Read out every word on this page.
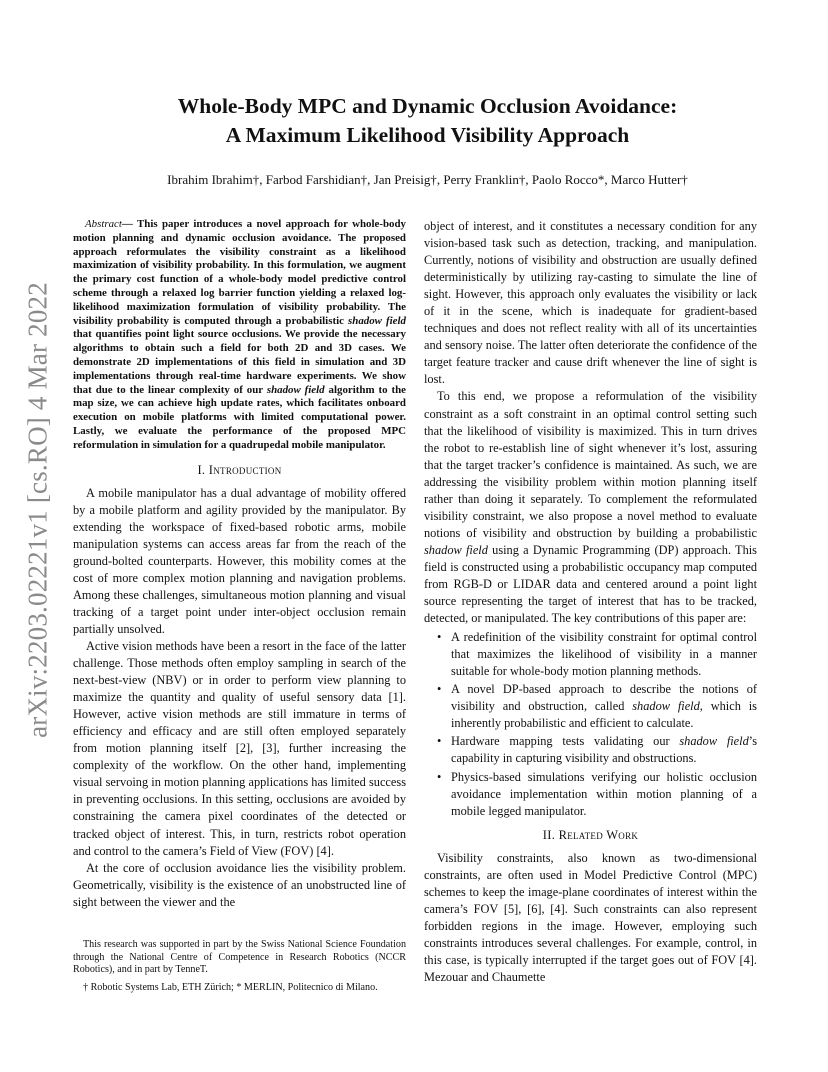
arXiv:2203.02221v1 [cs.RO] 4 Mar 2022
Whole-Body MPC and Dynamic Occlusion Avoidance:
A Maximum Likelihood Visibility Approach
Ibrahim Ibrahim†, Farbod Farshidian†, Jan Preisig†, Perry Franklin†, Paolo Rocco*, Marco Hutter†

Abstract— This paper introduces a novel approach for whole-body motion planning and dynamic occlusion avoidance. The proposed approach reformulates the visibility constraint as a likelihood maximization of visibility probability. In this formulation, we augment the primary cost function of a whole-body model predictive control scheme through a relaxed log barrier function yielding a relaxed log-likelihood maximization formulation of visibility probability. The visibility probability is computed through a probabilistic shadow field that quantifies point light source occlusions. We provide the necessary algorithms to obtain such a field for both 2D and 3D cases. We demonstrate 2D implementations of this field in simulation and 3D implementations through real-time hardware experiments. We show that due to the linear complexity of our shadow field algorithm to the map size, we can achieve high update rates, which facilitates onboard execution on mobile platforms with limited computational power. Lastly, we evaluate the performance of the proposed MPC reformulation in simulation for a quadrupedal mobile manipulator.

I. Introduction

A mobile manipulator has a dual advantage of mobility offered by a mobile platform and agility provided by the manipulator. By extending the workspace of fixed-based robotic arms, mobile manipulation systems can access areas far from the reach of the ground-bolted counterparts. However, this mobility comes at the cost of more complex motion planning and navigation problems. Among these challenges, simultaneous motion planning and visual tracking of a target point under inter-object occlusion remain partially unsolved.

Active vision methods have been a resort in the face of the latter challenge. Those methods often employ sampling in search of the next-best-view (NBV) or in order to perform view planning to maximize the quantity and quality of useful sensory data [1]. However, active vision methods are still immature in terms of efficiency and efficacy and are still often employed separately from motion planning itself [2], [3], further increasing the complexity of the workflow. On the other hand, implementing visual servoing in motion planning applications has limited success in preventing occlusions. In this setting, occlusions are avoided by constraining the camera pixel coordinates of the detected or tracked object of interest. This, in turn, restricts robot operation and control to the camera’s Field of View (FOV) [4].

At the core of occlusion avoidance lies the visibility problem. Geometrically, visibility is the existence of an unobstructed line of sight between the viewer and the

This research was supported in part by the Swiss National Science Foundation through the National Centre of Competence in Research Robotics (NCCR Robotics), and in part by TenneT.

† Robotic Systems Lab, ETH Zürich; * MERLIN, Politecnico di Milano.

object of interest, and it constitutes a necessary condition for any vision-based task such as detection, tracking, and manipulation. Currently, notions of visibility and obstruction are usually defined deterministically by utilizing ray-casting to simulate the line of sight. However, this approach only evaluates the visibility or lack of it in the scene, which is inadequate for gradient-based techniques and does not reflect reality with all of its uncertainties and sensory noise. The latter often deteriorate the confidence of the target feature tracker and cause drift whenever the line of sight is lost.

To this end, we propose a reformulation of the visibility constraint as a soft constraint in an optimal control setting such that the likelihood of visibility is maximized. This in turn drives the robot to re-establish line of sight whenever it’s lost, assuring that the target tracker’s confidence is maintained. As such, we are addressing the visibility problem within motion planning itself rather than doing it separately. To complement the reformulated visibility constraint, we also propose a novel method to evaluate notions of visibility and obstruction by building a probabilistic shadow field using a Dynamic Programming (DP) approach. This field is constructed using a probabilistic occupancy map computed from RGB-D or LIDAR data and centered around a point light source representing the target of interest that has to be tracked, detected, or manipulated. The key contributions of this paper are:

• A redefinition of the visibility constraint for optimal control that maximizes the likelihood of visibility in a manner suitable for whole-body motion planning methods.
• A novel DP-based approach to describe the notions of visibility and obstruction, called shadow field, which is inherently probabilistic and efficient to calculate.
• Hardware mapping tests validating our shadow field’s capability in capturing visibility and obstructions.
• Physics-based simulations verifying our holistic occlusion avoidance implementation within motion planning of a mobile legged manipulator.
II. Related Work

Visibility constraints, also known as two-dimensional constraints, are often used in Model Predictive Control (MPC) schemes to keep the image-plane coordinates of interest within the camera’s FOV [5], [6], [4]. Such constraints can also represent forbidden regions in the image. However, employing such constraints introduces several challenges. For example, control, in this case, is typically interrupted if the target goes out of FOV [4]. Mezouar and Chaumette
